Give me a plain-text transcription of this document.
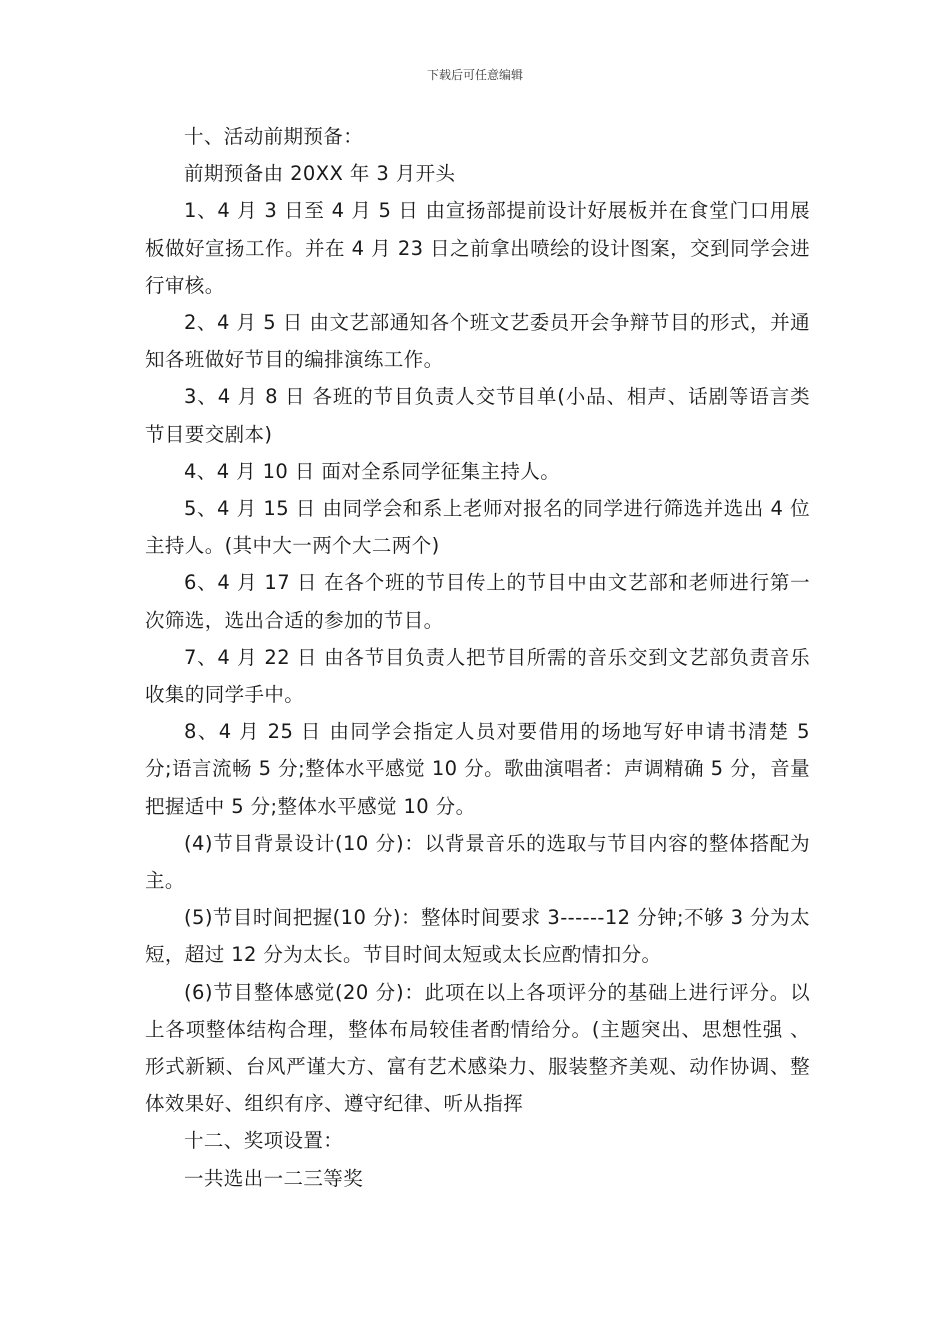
下载后可任意编辑

十、活动前期预备：

前期预备由 20XX 年 3 月开头

1、4 月 3 日至 4 月 5 日 由宣扬部提前设计好展板并在食堂门口用展板做好宣扬工作。并在 4 月 23 日之前拿出喷绘的设计图案，交到同学会进行审核。

2、4 月 5 日 由文艺部通知各个班文艺委员开会争辩节目的形式，并通知各班做好节目的编排演练工作。

3、4 月 8 日 各班的节目负责人交节目单(小品、相声、话剧等语言类节目要交剧本)

4、4 月 10 日 面对全系同学征集主持人。

5、4 月 15 日 由同学会和系上老师对报名的同学进行筛选并选出 4 位主持人。(其中大一两个大二两个)

6、4 月 17 日 在各个班的节目传上的节目中由文艺部和老师进行第一次筛选，选出合适的参加的节目。

7、4 月 22 日 由各节目负责人把节目所需的音乐交到文艺部负责音乐收集的同学手中。

8、4 月 25 日 由同学会指定人员对要借用的场地写好申请书清楚 5 分;语言流畅 5 分;整体水平感觉 10 分。歌曲演唱者：声调精确 5 分，音量把握适中 5 分;整体水平感觉 10 分。

(4)节目背景设计(10 分)：以背景音乐的选取与节目内容的整体搭配为主。

(5)节目时间把握(10 分)：整体时间要求 3------12 分钟;不够 3 分为太短，超过 12 分为太长。节目时间太短或太长应酌情扣分。

(6)节目整体感觉(20 分)：此项在以上各项评分的基础上进行评分。以上各项整体结构合理，整体布局较佳者酌情给分。(主题突出、思想性强 、形式新颖、台风严谨大方、富有艺术感染力、服装整齐美观、动作协调、整体效果好、组织有序、遵守纪律、听从指挥

十二、奖项设置：

一共选出一二三等奖
